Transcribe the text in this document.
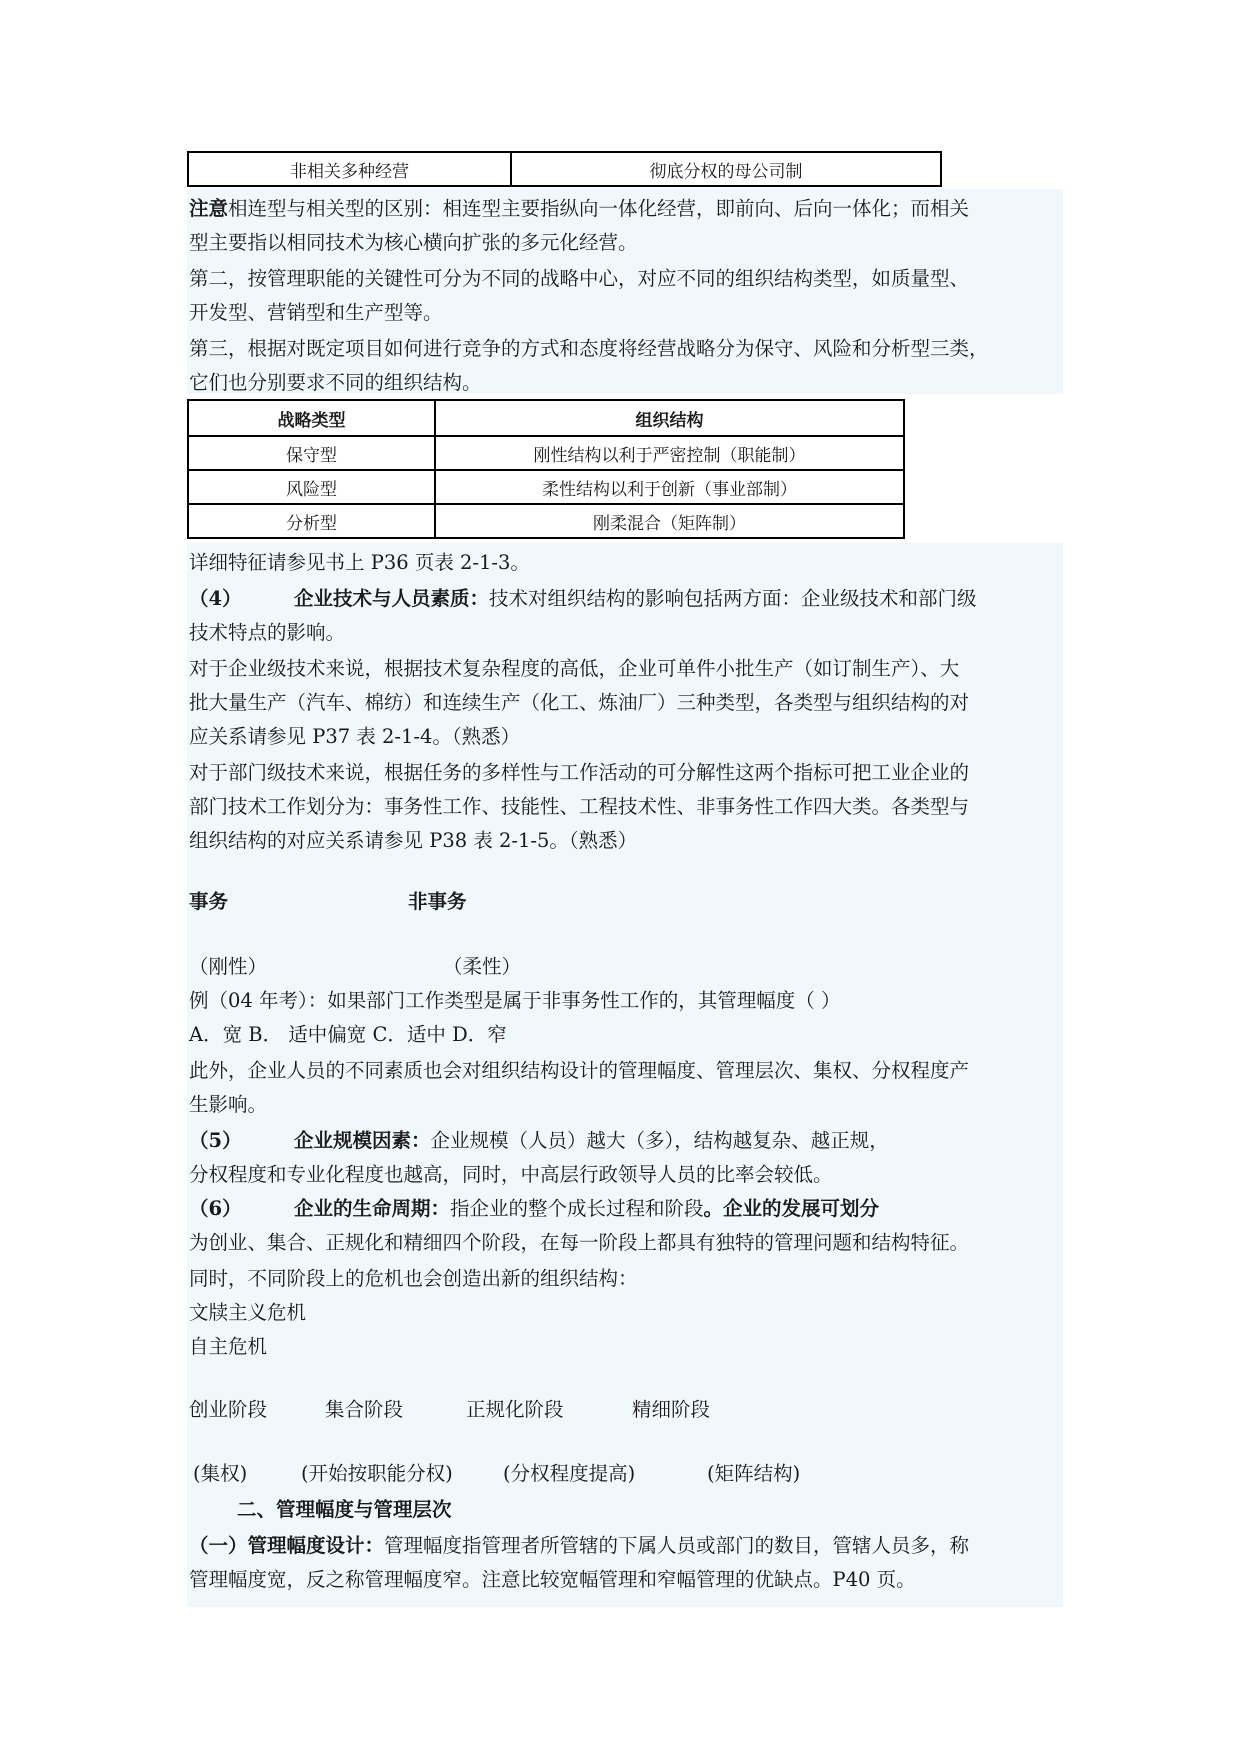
非相关多种经营	彻底分权的母公司制
注意相连型与相关型的区别：相连型主要指纵向一体化经营，即前向、后向一体化；而相关
型主要指以相同技术为核心横向扩张的多元化经营。
第二，按管理职能的关键性可分为不同的战略中心，对应不同的组织结构类型，如质量型、
开发型、营销型和生产型等。
第三，根据对既定项目如何进行竞争的方式和态度将经营战略分为保守、风险和分析型三类，
它们也分别要求不同的组织结构。
战略类型	组织结构
保守型	刚性结构以利于严密控制（职能制）
风险型	柔性结构以利于创新（事业部制）
分析型	刚柔混合（矩阵制）
详细特征请参见书上 P36 页表 2-1-3。
（4）	企业技术与人员素质：技术对组织结构的影响包括两方面：企业级技术和部门级
技术特点的影响。
对于企业级技术来说，根据技术复杂程度的高低，企业可单件小批生产（如订制生产）、大
批大量生产（汽车、棉纺）和连续生产（化工、炼油厂）三种类型，各类型与组织结构的对
应关系请参见 P37 表 2-1-4。（熟悉）
对于部门级技术来说，根据任务的多样性与工作活动的可分解性这两个指标可把工业企业的
部门技术工作划分为：事务性工作、技能性、工程技术性、非事务性工作四大类。各类型与
组织结构的对应关系请参见 P38 表 2-1-5。（熟悉）
事务	非事务
（刚性）	（柔性）
例（04 年考）：如果部门工作类型是属于非事务性工作的，其管理幅度（ ）
A．宽 B． 适中偏宽 C．适中 D．窄
此外，企业人员的不同素质也会对组织结构设计的管理幅度、管理层次、集权、分权程度产
生影响。
（5）	企业规模因素：企业规模（人员）越大（多），结构越复杂、越正规，
分权程度和专业化程度也越高，同时，中高层行政领导人员的比率会较低。
（6）	企业的生命周期：指企业的整个成长过程和阶段。企业的发展可划分
为创业、集合、正规化和精细四个阶段，在每一阶段上都具有独特的管理问题和结构特征。
同时，不同阶段上的危机也会创造出新的组织结构：
文牍主义危机
自主危机
创业阶段	集合阶段	正规化阶段	精细阶段
(集权)	(开始按职能分权)	(分权程度提高)	(矩阵结构)
二、管理幅度与管理层次
（一）管理幅度设计：管理幅度指管理者所管辖的下属人员或部门的数目，管辖人员多，称
管理幅度宽，反之称管理幅度窄。注意比较宽幅管理和窄幅管理的优缺点。P40 页。
